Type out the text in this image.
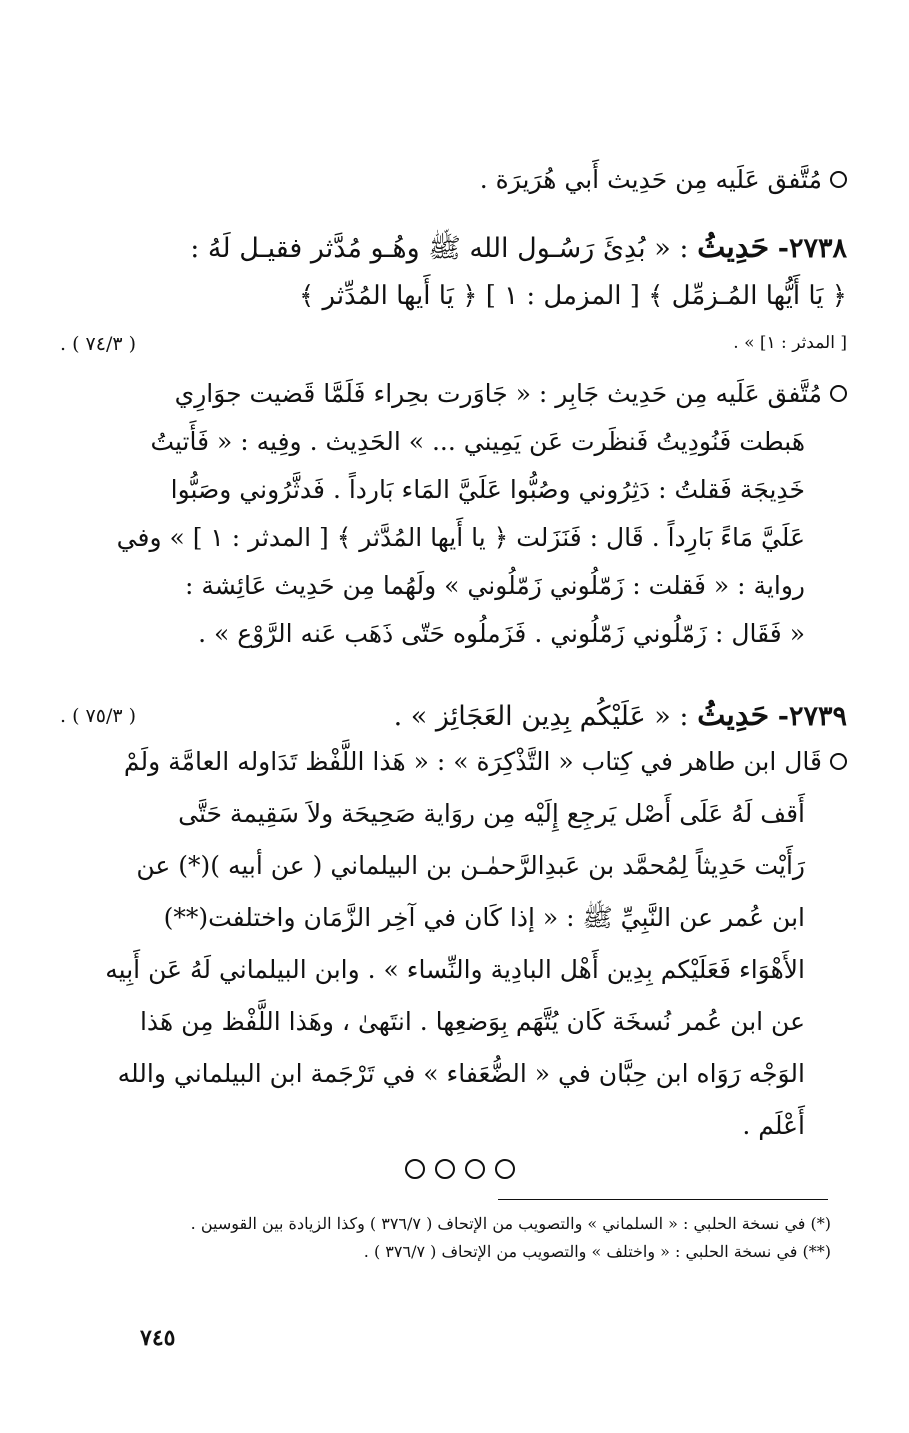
مُتَّفق عَلَيه مِن حَدِيث أَبي هُرَيرَة .
٢٧٣٨- حَدِيثُ : « بُدِئَ رَسُـول الله ﷺ وهُـو مُدَّثر فقيـل لَهُ :
﴿ يَا أَيُّها المُـزمِّل ﴾ [ المزمل : ١ ] ﴿ يَا أَيها المُدِّثر ﴾
[ المدثر : ١] » .
( ٧٤/٣ ) .
مُتَّفق عَلَيه مِن حَدِيث جَابِر : « جَاوَرت بحِراء فَلَمَّا قَضيت جوَارِي
هَبطت فَنُودِيتُ فَنظَرت عَن يَمِيني ... » الحَدِيث . وفِيه : « فَأَتيتُ
خَدِيجَة فَقلتُ : دَثِرُوني وصُبُّوا عَلَيَّ المَاء بَارداً . فَدثَّرُوني وصَبُّوا
عَلَيَّ مَاءً بَارِداً . قَال : فَنَزَلت ﴿ يا أَيها المُدَّثر ﴾ [ المدثر : ١ ] » وفي
رواية : « فَقلت : زَمّلُوني زَمّلُوني » ولَهُما مِن حَدِيث عَائِشة :
« فَقَال : زَمّلُوني زَمّلُوني . فَزَملُوه حَتّى ذَهَب عَنه الرَّوْع » .
٢٧٣٩- حَدِيثُ : « عَلَيْكُم بِدِين العَجَائِز » .
( ٧٥/٣ ) .
قَال ابن طاهر في كِتاب « التَّذْكِرَة » : « هَذا اللَّفْظ تَدَاوله العامَّة ولَمْ
أَقف لَهُ عَلَى أَصْل يَرجِع إِلَيْه مِن روَاية صَحِيحَة ولاَ سَقِيمة حَتَّى
رَأَيْت حَدِيثاً لِمُحمَّد بن عَبدِالرَّحمٰـن بن البيلماني ( عن أبيه )(*) عن
ابن عُمر عن النَّبِيِّ ﷺ : « إذا كَان في آخِر الزَّمَان واختلفت(**)
الأَهْوَاء فَعَلَيْكم بِدِين أَهْل البادِية والنِّساء » . وابن البيلماني لَهُ عَن أَبِيه
عن ابن عُمر نُسخَة كَان يُتَّهَم بِوَضعِها . انتَهىٰ ، وهَذا اللَّفْظ مِن هَذا
الوَجْه رَوَاه ابن حِبَّان في « الضُّعَفاء » في تَرْجَمة ابن البيلماني والله
أَعْلَم .
(*) في نسخة الحلبي : « السلماني » والتصويب من الإتحاف ( ٣٧٦/٧ ) وكذا الزيادة بين القوسين .
(**) في نسخة الحلبي : « واختلف » والتصويب من الإتحاف ( ٣٧٦/٧ ) .
٧٤٥
